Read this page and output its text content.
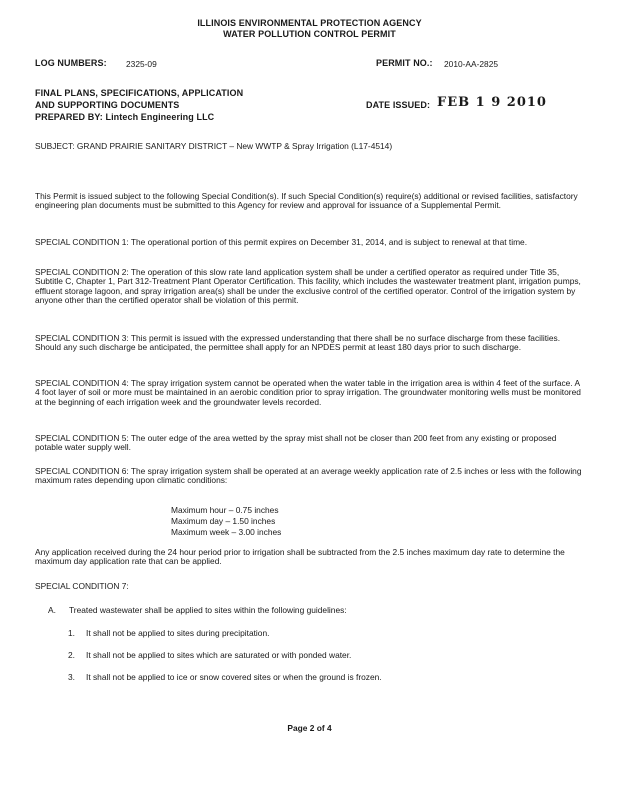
ILLINOIS ENVIRONMENTAL PROTECTION AGENCY
WATER POLLUTION CONTROL PERMIT
LOG NUMBERS: 2325-09	PERMIT NO.: 2010-AA-2825
FINAL PLANS, SPECIFICATIONS, APPLICATION
AND SUPPORTING DOCUMENTS
PREPARED BY: Lintech Engineering LLC
DATE ISSUED: FEB 1 9 2010
SUBJECT: GRAND PRAIRIE SANITARY DISTRICT – New WWTP & Spray Irrigation (L17-4514)
This Permit is issued subject to the following Special Condition(s). If such Special Condition(s) require(s) additional or revised facilities, satisfactory engineering plan documents must be submitted to this Agency for review and approval for issuance of a Supplemental Permit.
SPECIAL CONDITION 1: The operational portion of this permit expires on December 31, 2014, and is subject to renewal at that time.
SPECIAL CONDITION 2: The operation of this slow rate land application system shall be under a certified operator as required under Title 35, Subtitle C, Chapter 1, Part 312-Treatment Plant Operator Certification. This facility, which includes the wastewater treatment plant, irrigation pumps, effluent storage lagoon, and spray irrigation area(s) shall be under the exclusive control of the certified operator. Control of the irrigation system by anyone other than the certified operator shall be violation of this permit.
SPECIAL CONDITION 3: This permit is issued with the expressed understanding that there shall be no surface discharge from these facilities. Should any such discharge be anticipated, the permittee shall apply for an NPDES permit at least 180 days prior to such discharge.
SPECIAL CONDITION 4: The spray irrigation system cannot be operated when the water table in the irrigation area is within 4 feet of the surface. A 4 foot layer of soil or more must be maintained in an aerobic condition prior to spray irrigation. The groundwater monitoring wells must be monitored at the beginning of each irrigation week and the groundwater levels recorded.
SPECIAL CONDITION 5: The outer edge of the area wetted by the spray mist shall not be closer than 200 feet from any existing or proposed potable water supply well.
SPECIAL CONDITION 6: The spray irrigation system shall be operated at an average weekly application rate of 2.5 inches or less with the following maximum rates depending upon climatic conditions:
Maximum hour – 0.75 inches
Maximum day – 1.50 inches
Maximum week – 3.00 inches
Any application received during the 24 hour period prior to irrigation shall be subtracted from the 2.5 inches maximum day rate to determine the maximum day application rate that can be applied.
SPECIAL CONDITION 7:
A. Treated wastewater shall be applied to sites within the following guidelines:
1. It shall not be applied to sites during precipitation.
2. It shall not be applied to sites which are saturated or with ponded water.
3. It shall not be applied to ice or snow covered sites or when the ground is frozen.
Page 2 of 4
